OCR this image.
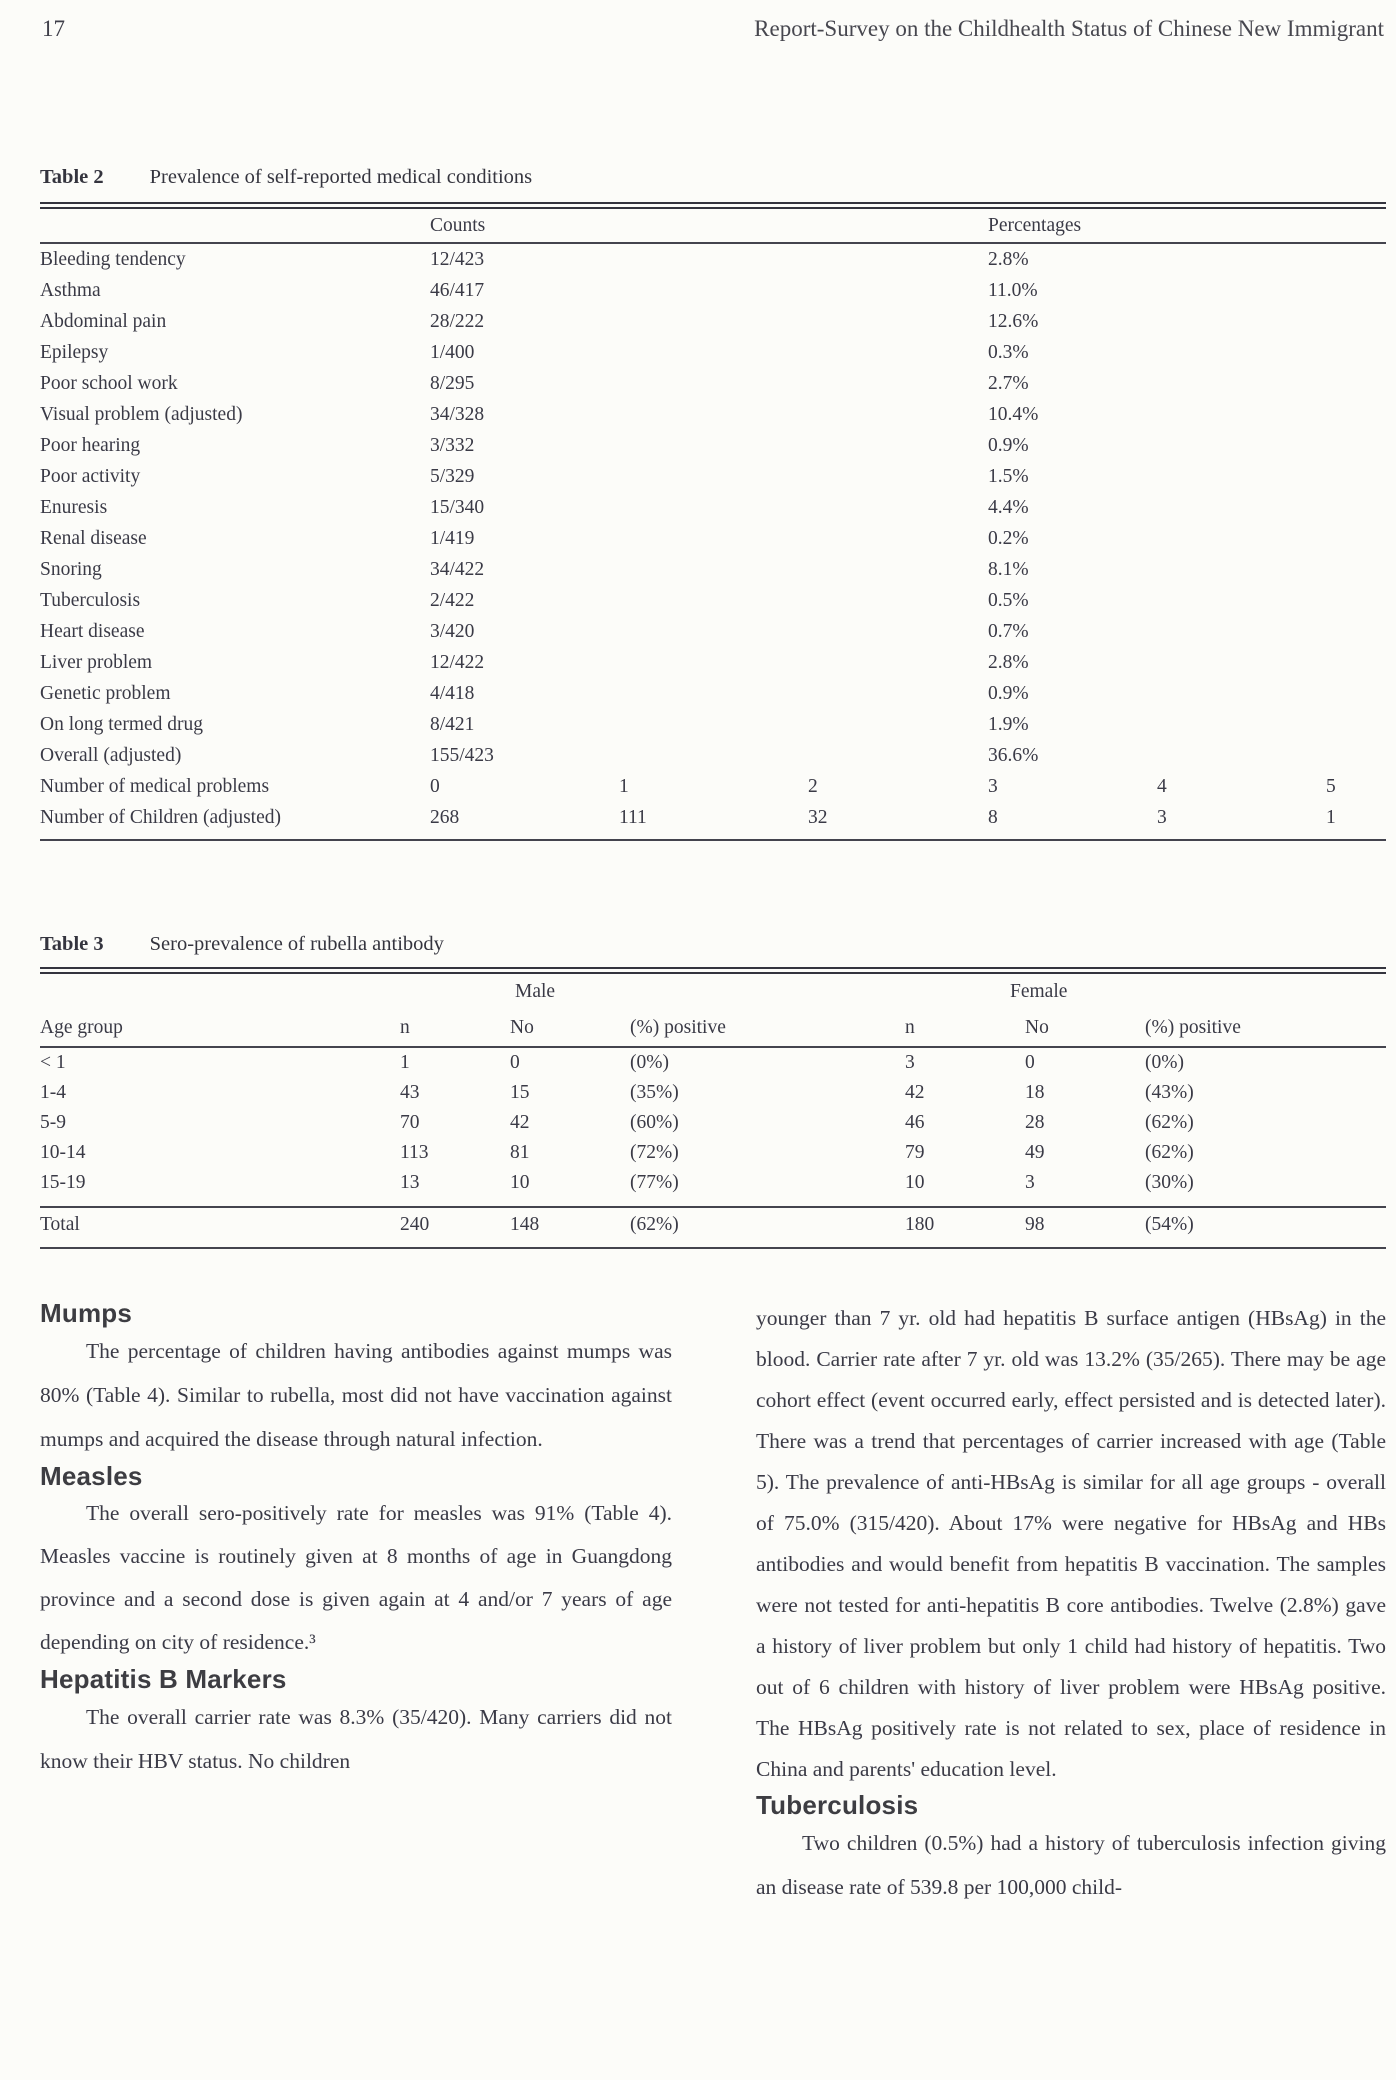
17	Report-Survey on the Childhealth Status of Chinese New Immigrant
Table 2 Prevalence of self-reported medical conditions
Counts	Percentages
Bleeding tendency	12/423	2.8%
Asthma	46/417	11.0%
Abdominal pain	28/222	12.6%
Epilepsy	1/400	0.3%
Poor school work	8/295	2.7%
Visual problem (adjusted)	34/328	10.4%
Poor hearing	3/332	0.9%
Poor activity	5/329	1.5%
Enuresis	15/340	4.4%
Renal disease	1/419	0.2%
Snoring	34/422	8.1%
Tuberculosis	2/422	0.5%
Heart disease	3/420	0.7%
Liver problem	12/422	2.8%
Genetic problem	4/418	0.9%
On long termed drug	8/421	1.9%
Overall (adjusted)	155/423	36.6%
Number of medical problems	0	1	2	3	4	5
Number of Children (adjusted)	268	111	32	8	3	1
Table 3 Sero-prevalence of rubella antibody
Male	Female
Age group	n	No	(%) positive	n	No	(%) positive
< 1	1	0	(0%)	3	0	(0%)
1-4	43	15	(35%)	42	18	(43%)
5-9	70	42	(60%)	46	28	(62%)
10-14	113	81	(72%)	79	49	(62%)
15-19	13	10	(77%)	10	3	(30%)
Total	240	148	(62%)	180	98	(54%)
Mumps

The percentage of children having antibodies against mumps was 80% (Table 4). Similar to rubella, most did not have vaccination against mumps and acquired the disease through natural infection.

Measles

The overall sero-positively rate for measles was 91% (Table 4). Measles vaccine is routinely given at 8 months of age in Guangdong province and a second dose is given again at 4 and/or 7 years of age depending on city of residence.³

Hepatitis B Markers

The overall carrier rate was 8.3% (35/420). Many carriers did not know their HBV status. No children

younger than 7 yr. old had hepatitis B surface antigen (HBsAg) in the blood. Carrier rate after 7 yr. old was 13.2% (35/265). There may be age cohort effect (event occurred early, effect persisted and is detected later). There was a trend that percentages of carrier increased with age (Table 5). The prevalence of anti-HBsAg is similar for all age groups - overall of 75.0% (315/420). About 17% were negative for HBsAg and HBs antibodies and would benefit from hepatitis B vaccination. The samples were not tested for anti-hepatitis B core antibodies. Twelve (2.8%) gave a history of liver problem but only 1 child had history of hepatitis. Two out of 6 children with history of liver problem were HBsAg positive. The HBsAg positively rate is not related to sex, place of residence in China and parents' education level.

Tuberculosis

Two children (0.5%) had a history of tuberculosis infection giving an disease rate of 539.8 per 100,000 child-
